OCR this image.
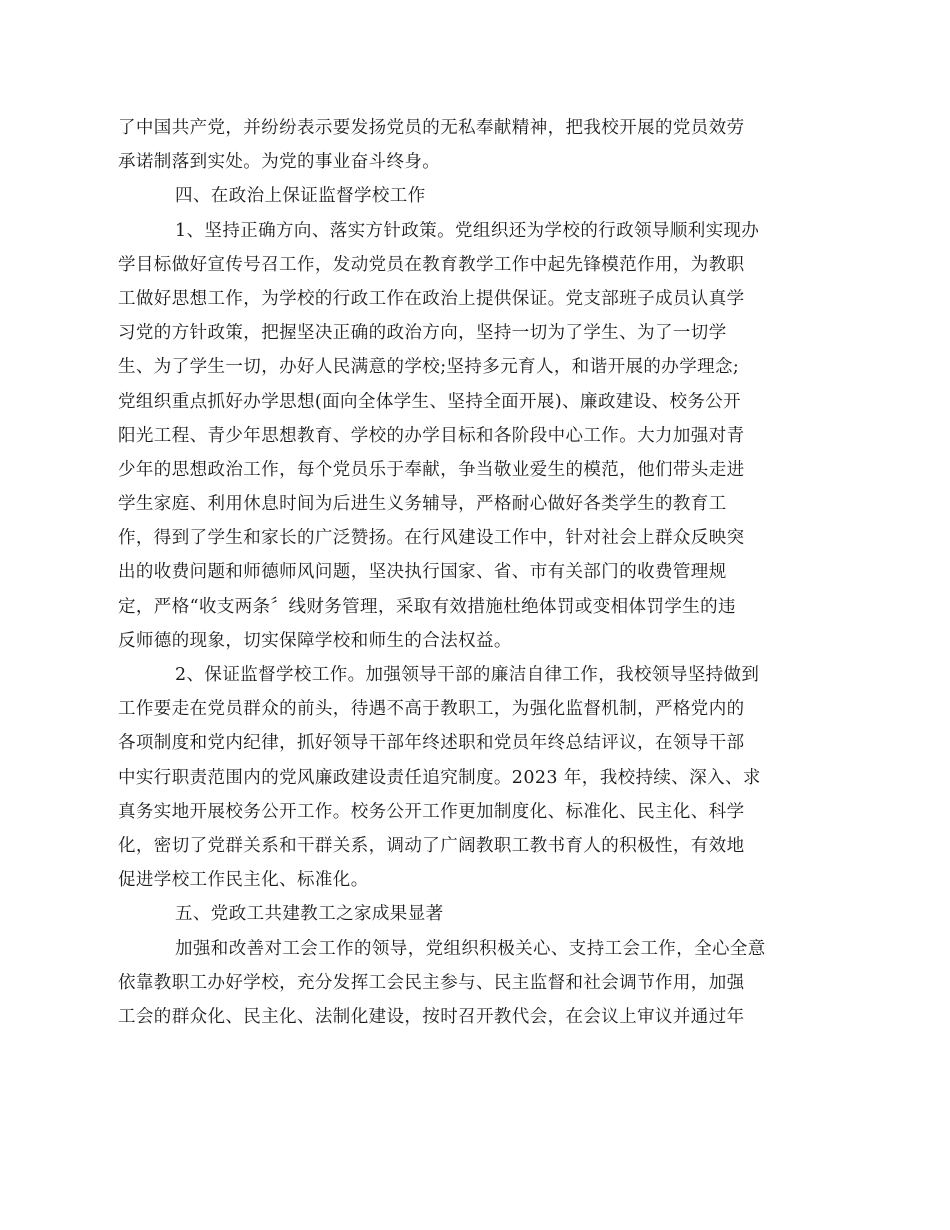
了中国共产党，并纷纷表示要发扬党员的无私奉献精神，把我校开展的党员效劳
承诺制落到实处。为党的事业奋斗终身。
四、在政治上保证监督学校工作
1、坚持正确方向、落实方针政策。党组织还为学校的行政领导顺利实现办
学目标做好宣传号召工作，发动党员在教育教学工作中起先锋模范作用，为教职
工做好思想工作，为学校的行政工作在政治上提供保证。党支部班子成员认真学
习党的方针政策，把握坚决正确的政治方向，坚持一切为了学生、为了一切学
生、为了学生一切，办好人民满意的学校;坚持多元育人，和谐开展的办学理念;
党组织重点抓好办学思想(面向全体学生、坚持全面开展)、廉政建设、校务公开
阳光工程、青少年思想教育、学校的办学目标和各阶段中心工作。大力加强对青
少年的思想政治工作，每个党员乐于奉献，争当敬业爱生的模范，他们带头走进
学生家庭、利用休息时间为后进生义务辅导，严格耐心做好各类学生的教育工
作，得到了学生和家长的广泛赞扬。在行风建设工作中，针对社会上群众反映突
出的收费问题和师德师风问题，坚决执行国家、省、市有关部门的收费管理规
定，严格“收支两条〞线财务管理，采取有效措施杜绝体罚或变相体罚学生的违
反师德的现象，切实保障学校和师生的合法权益。
2、保证监督学校工作。加强领导干部的廉洁自律工作，我校领导坚持做到
工作要走在党员群众的前头，待遇不高于教职工，为强化监督机制，严格党内的
各项制度和党内纪律，抓好领导干部年终述职和党员年终总结评议，在领导干部
中实行职责范围内的党风廉政建设责任追究制度。2023 年，我校持续、深入、求
真务实地开展校务公开工作。校务公开工作更加制度化、标准化、民主化、科学
化，密切了党群关系和干群关系，调动了广阔教职工教书育人的积极性，有效地
促进学校工作民主化、标准化。
五、党政工共建教工之家成果显著
加强和改善对工会工作的领导，党组织积极关心、支持工会工作，全心全意
依靠教职工办好学校，充分发挥工会民主参与、民主监督和社会调节作用，加强
工会的群众化、民主化、法制化建设，按时召开教代会，在会议上审议并通过年
